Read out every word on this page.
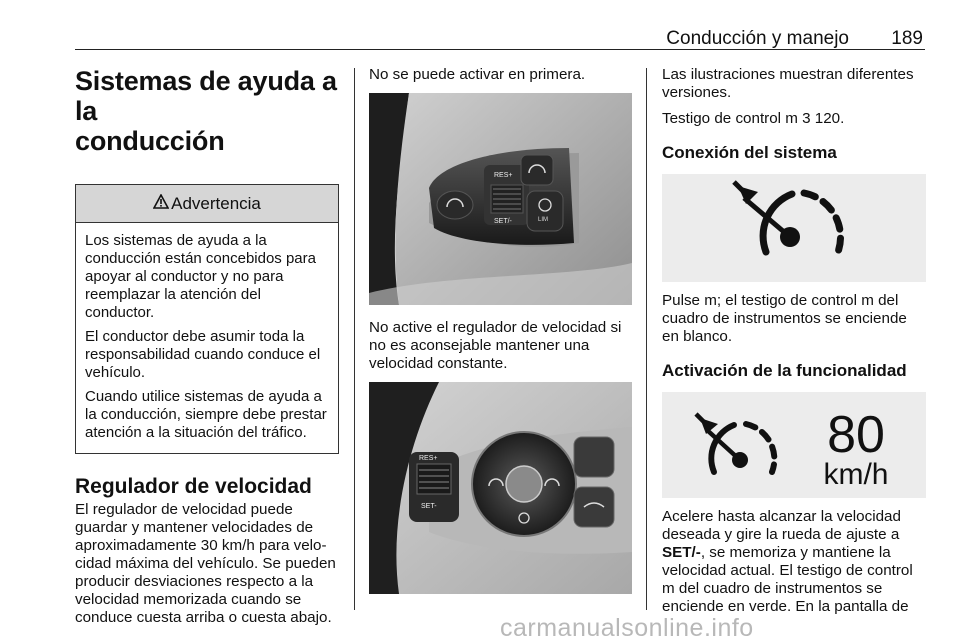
Conducción y manejo 189
Sistemas de ayuda a la
conducción
Advertencia

Los sistemas de ayuda a la conducción están concebidos para apoyar al conductor y no para reemplazar la atención del conductor.

El conductor debe asumir toda la responsabilidad cuando conduce el vehículo.

Cuando utilice sistemas de ayuda a la conducción, siempre debe prestar atención a la situación del tráfico.

Regulador de velocidad

El regulador de velocidad puede guardar y mantener velocidades de aproximadamente 30 km/h para velo-cidad máxima del vehículo. Se pueden producir desviaciones respecto a la velocidad memorizada cuando se conduce cuesta arriba o cuesta abajo.

No se puede activar en primera.

RES+
SET/-	LIM

No active el regulador de velocidad si no es aconsejable mantener una velocidad constante.

RES+
SET-

Las ilustraciones muestran diferentes versiones.

Testigo de control m 3 120.

Conexión del sistema

Pulse m; el testigo de control m del cuadro de instrumentos se enciende en blanco.

Activación de la funcionalidad
80
km/h

Acelere hasta alcanzar la velocidad deseada y gire la rueda de ajuste a
SET/-, se memoriza y mantiene la velocidad actual. El testigo de control m del cuadro de instrumentos se enciende en verde. En la pantalla de

carmanualsonline.info
